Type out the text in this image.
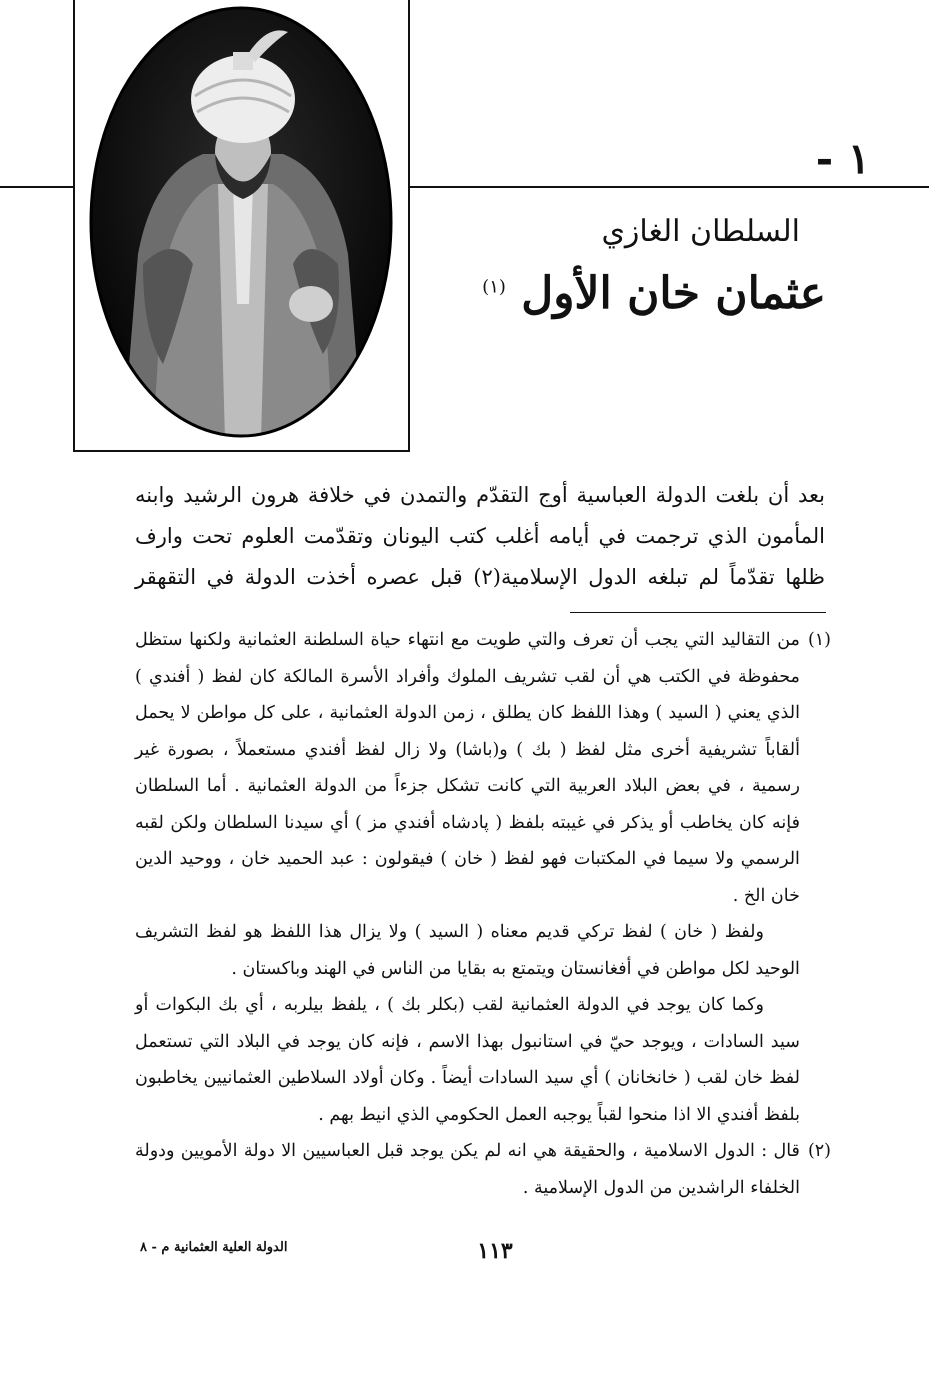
١ -
السلطان الغازي
عثمان خان الأول $^{(١)}$

بعد أن بلغت الدولة العباسية أوج التقدّم والتمدن في خلافة هرون الرشيد وابنه المأمون الذي ترجمت في أيامه أغلب كتب اليونان وتقدّمت العلوم تحت وارف ظلها تقدّماً لم تبلغه الدول الإسلامية(٢) قبل عصره أخذت الدولة في التقهقر

(١)

من التقاليد التي يجب أن تعرف والتي طويت مع انتهاء حياة السلطنة العثمانية ولكنها ستظل محفوظة في الكتب هي أن لقب تشريف الملوك وأفراد الأسرة المالكة كان لفظ ( أفندي ) الذي يعني ( السيد ) وهذا اللفظ كان يطلق ، زمن الدولة العثمانية ، على كل مواطن لا يحمل ألقاباً تشريفية أخرى مثل لفظ ( بك ) و(باشا) ولا زال لفظ أفندي مستعملاً ، بصورة غير رسمية ، في بعض البلاد العربية التي كانت تشكل جزءاً من الدولة العثمانية . أما السلطان فإنه كان يخاطب أو يذكر في غيبته بلفظ ( پادشاه أفندي مز ) أي سيدنا السلطان ولكن لقبه الرسمي ولا سيما في المكتبات فهو لفظ ( خان ) فيقولون : عبد الحميد خان ، ووحيد الدين خان الخ .

ولفظ ( خان ) لفظ تركي قديم معناه ( السيد ) ولا يزال هذا اللفظ هو لفظ التشريف الوحيد لكل مواطن في أفغانستان ويتمتع به بقايا من الناس في الهند وباكستان .

وكما كان يوجد في الدولة العثمانية لقب (بكلر بك ) ، يلفظ بيلربه ، أي بك البكوات أو سيد السادات ، ويوجد حيّ في استانبول بهذا الاسم ، فإنه كان يوجد في البلاد التي تستعمل لفظ خان لقب ( خانخانان ) أي سيد السادات أيضاً . وكان أولاد السلاطين العثمانيين يخاطبون بلفظ أفندي الا اذا منحوا لقباً يوجبه العمل الحكومي الذي انيط بهم .

(٢)

قال : الدول الاسلامية ، والحقيقة هي انه لم يكن يوجد قبل العباسيين الا دولة الأمويين ودولة الخلفاء الراشدين من الدول الإسلامية .

١١٣
الدولة العلية العثمانية م - ٨
